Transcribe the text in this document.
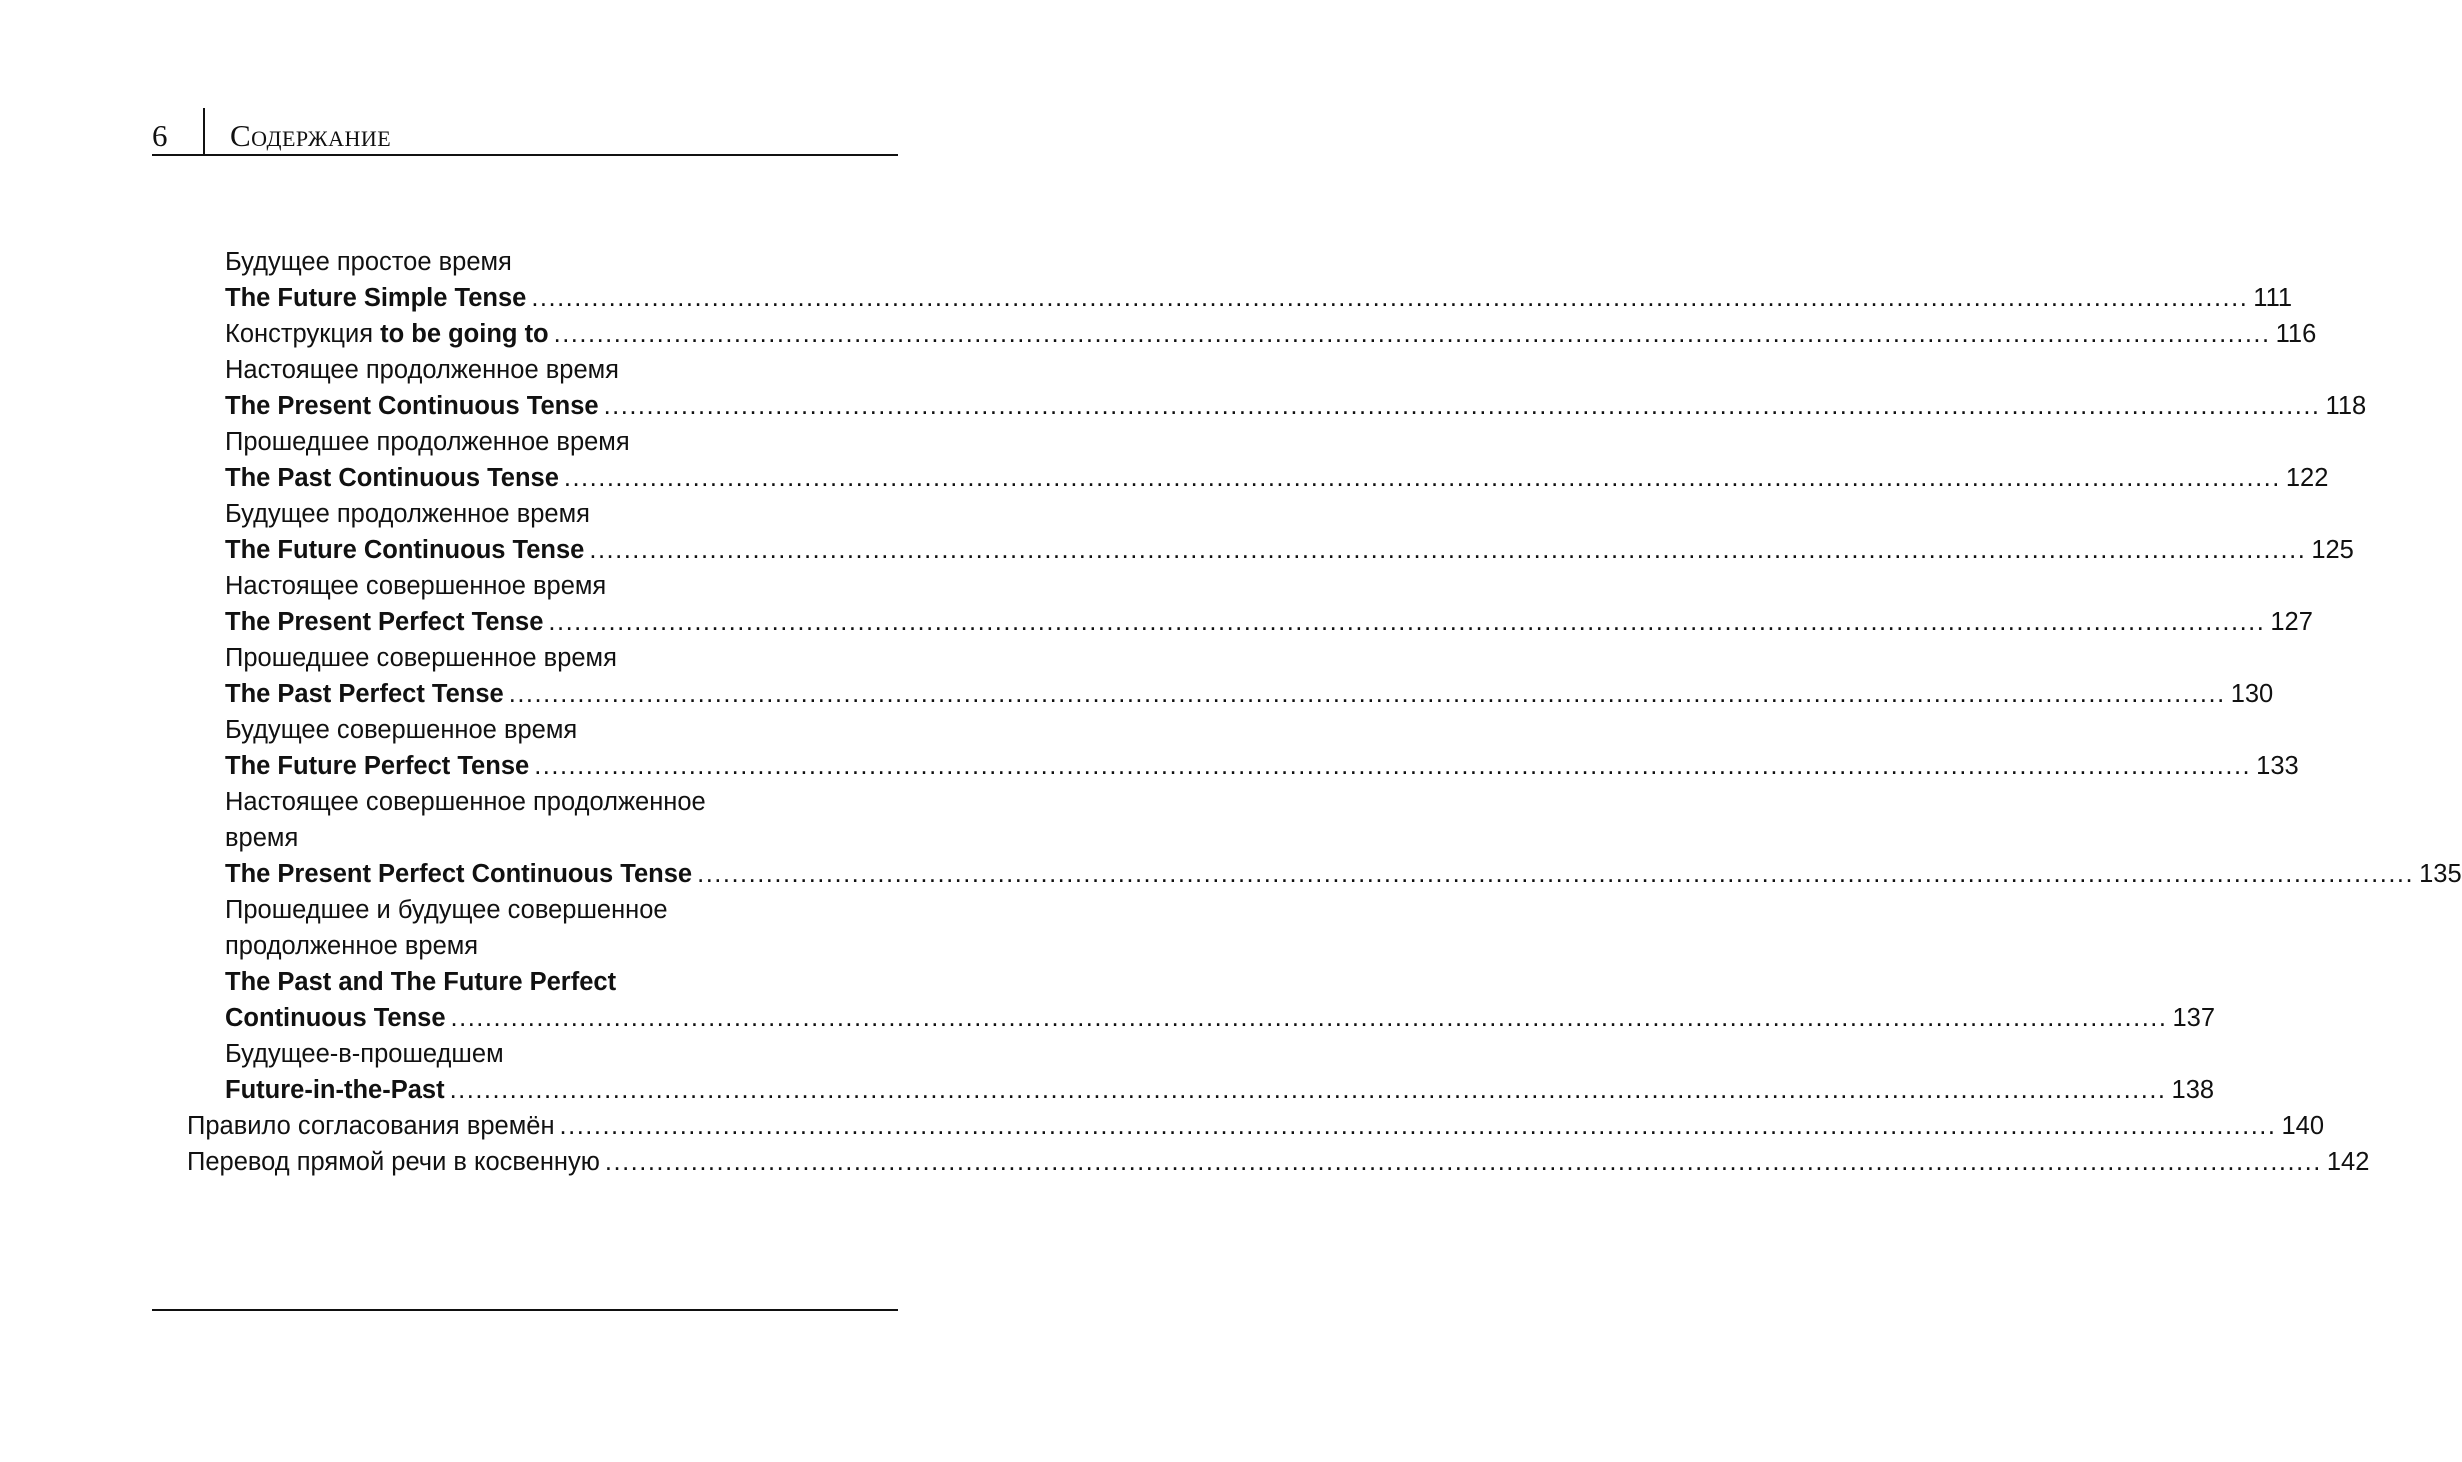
6 Содержание
Будущее простое время
The Future Simple Tense ........................................................................................................................................................................................................ 111
Конструкция to be going to ........................................................................................................................................................................................................ 116
Настоящее продолженное время
The Present Continuous Tense ........................................................................................................................................................................................................ 118
Прошедшее продолженное время
The Past Continuous Tense ........................................................................................................................................................................................................ 122
Будущее продолженное время
The Future Continuous Tense ........................................................................................................................................................................................................ 125
Настоящее совершенное время
The Present Perfect Tense ........................................................................................................................................................................................................ 127
Прошедшее совершенное время
The Past Perfect Tense ........................................................................................................................................................................................................ 130
Будущее совершенное время
The Future Perfect Tense ........................................................................................................................................................................................................ 133
Настоящее совершенное продолженное
время
The Present Perfect Continuous Tense ........................................................................................................................................................................................................ 135
Прошедшее и будущее совершенное
продолженное время
The Past and The Future Perfect
Continuous Tense ........................................................................................................................................................................................................ 137
Будущее-в-прошедшем
Future-in-the-Past ........................................................................................................................................................................................................ 138
Правило согласования времён ........................................................................................................................................................................................................ 140
Перевод прямой речи в косвенную ........................................................................................................................................................................................................ 142
